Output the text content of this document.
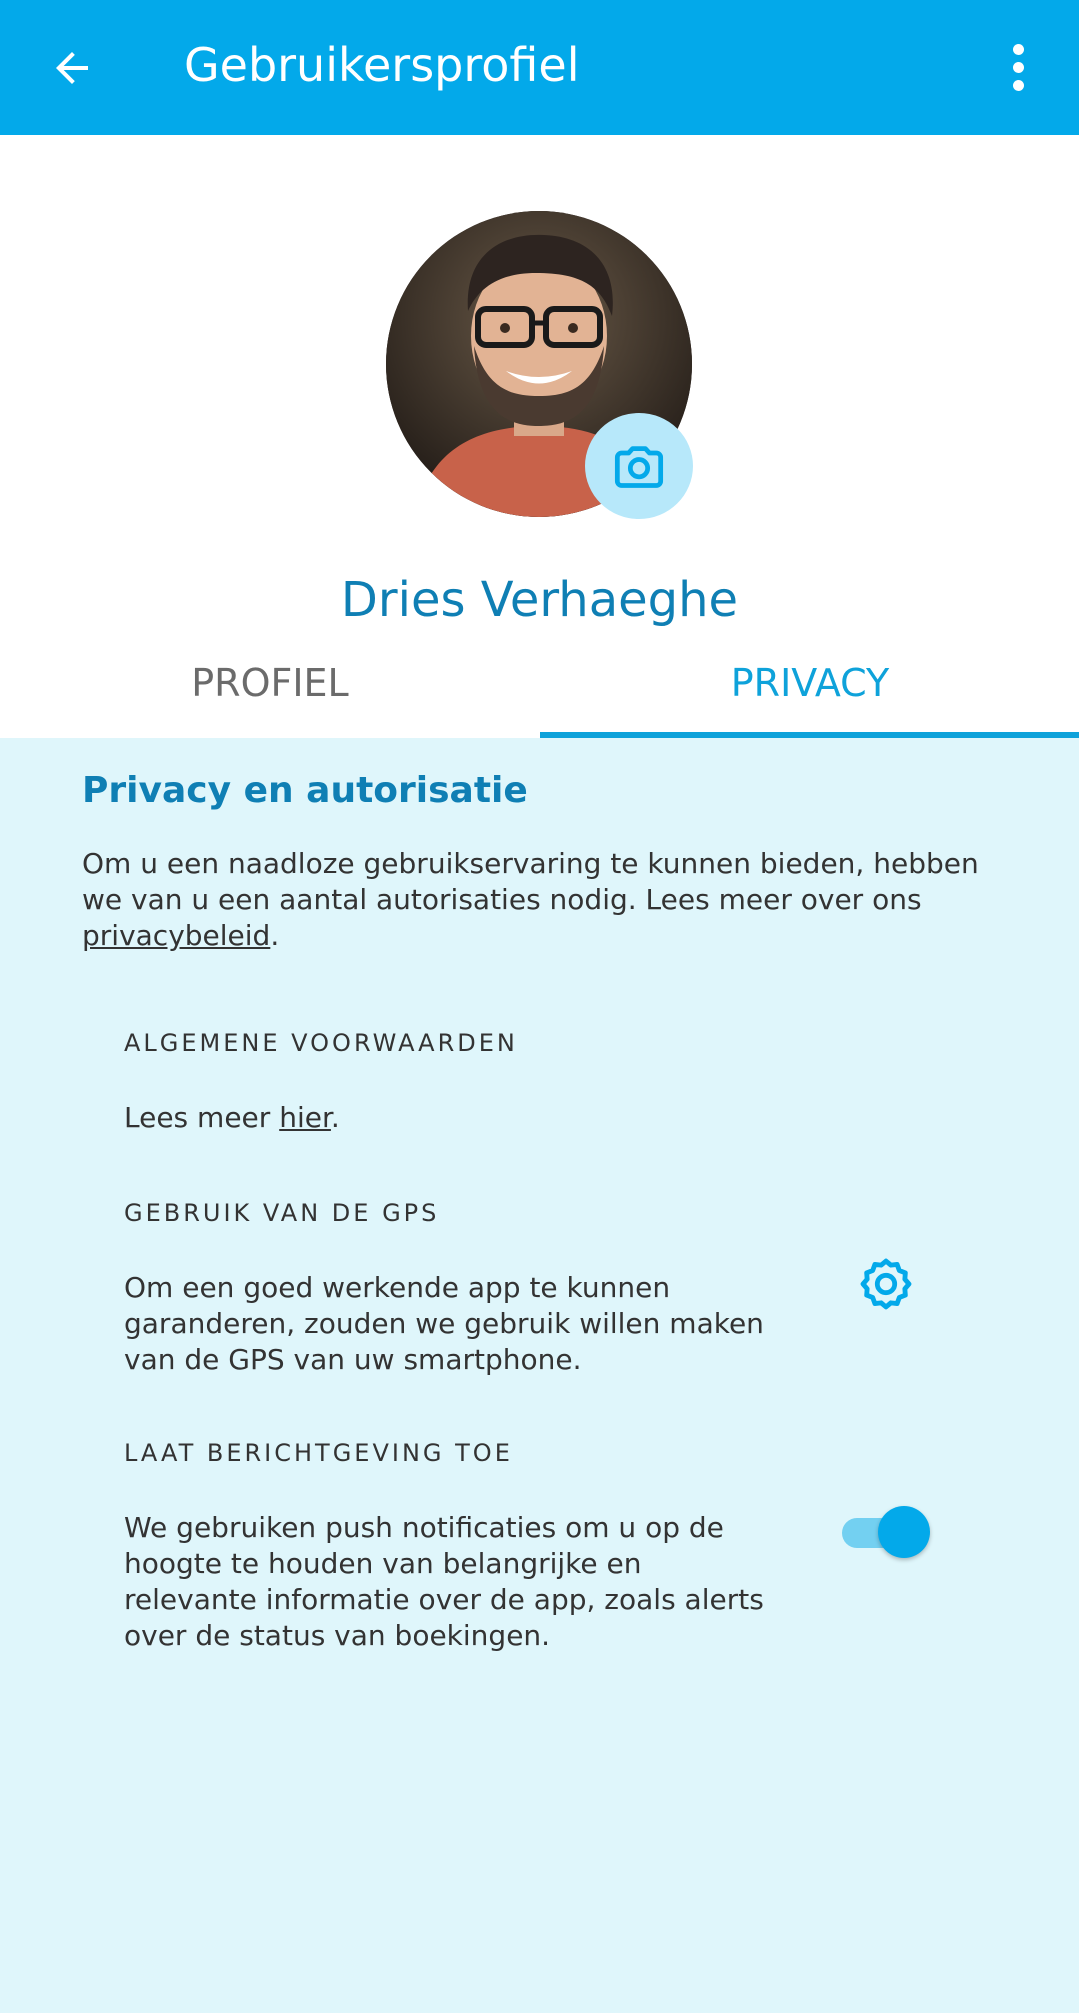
Gebruikersprofiel
Dries Verhaeghe
PROFIEL	PRIVACY
Privacy en autorisatie
Om u een naadloze gebruikservaring te kunnen bieden, hebben we van u een aantal autorisaties nodig. Lees meer over ons privacybeleid.
ALGEMENE VOORWAARDEN
Lees meer hier.
GEBRUIK VAN DE GPS
Om een goed werkende app te kunnen garanderen, zouden we gebruik willen maken van de GPS van uw smartphone.
LAAT BERICHTGEVING TOE
We gebruiken push notificaties om u op de hoogte te houden van belangrijke en relevante informatie over de app, zoals alerts over de status van boekingen.
